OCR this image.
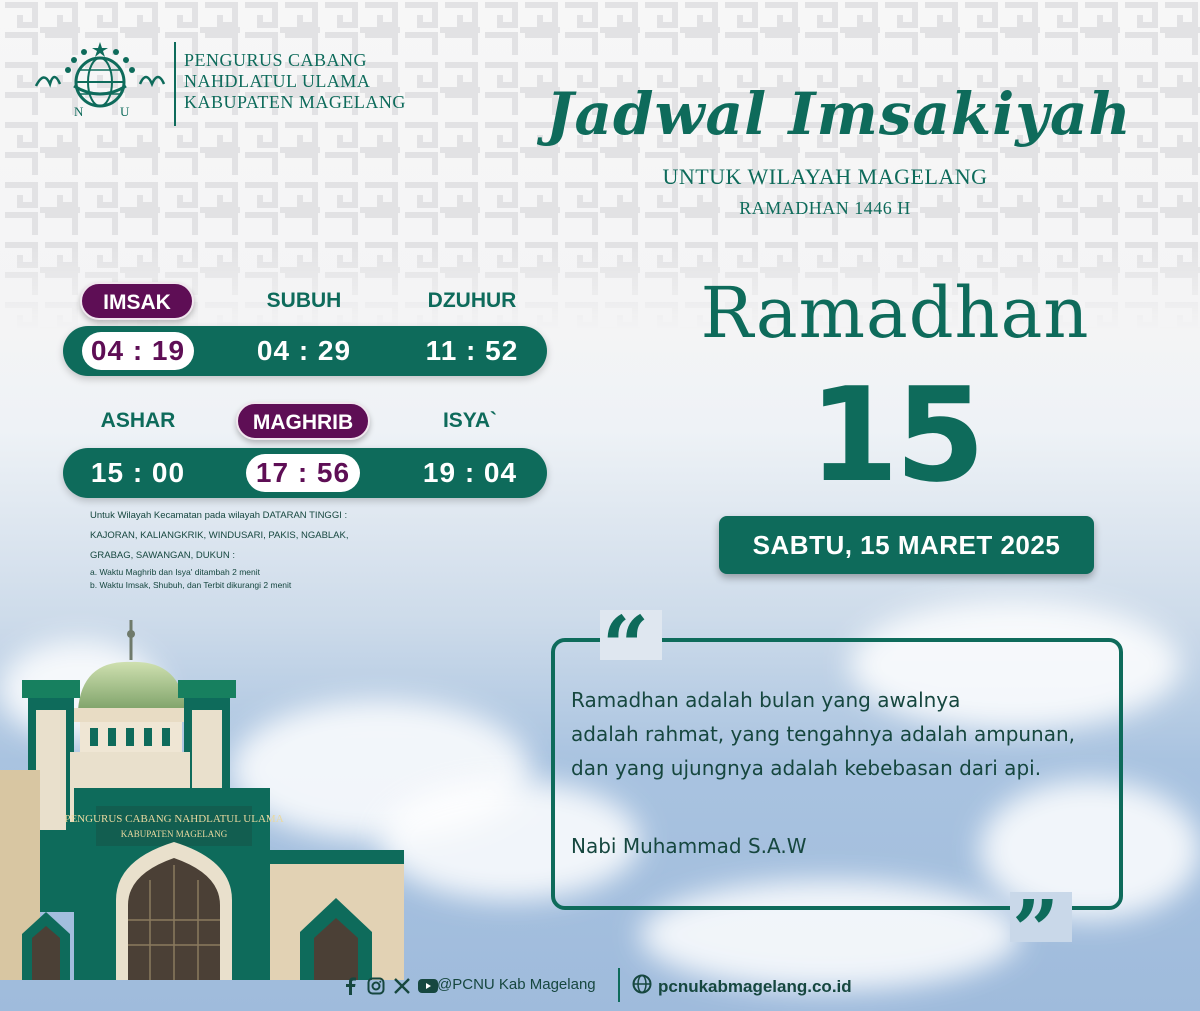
N	U
PENGURUS CABANG
NAHDLATUL ULAMA
KABUPATEN MAGELANG Jadwal Imsakiyah
UNTUK WILAYAH MAGELANG
RAMADHAN 1446 H
IMSAK	SUBUH	DZUHUR
04 : 19	04 : 29	11 : 52
ASHAR	MAGHRIB	ISYA`
15 : 00	17 : 56	19 : 04
Untuk Wilayah Kecamatan pada wilayah DATARAN TINGGI :
KAJORAN, KALIANGKRIK, WINDUSARI, PAKIS, NGABLAK,
GRABAG, SAWANGAN, DUKUN :
a. Waktu Maghrib dan Isya' ditambah 2 menit
b. Waktu Imsak, Shubuh, dan Terbit dikurangi 2 menit
Ramadhan
15
SABTU, 15 MARET 2025
“
”
Ramadhan adalah bulan yang awalnya
adalah rahmat, yang tengahnya adalah ampunan,
dan yang ujungnya adalah kebebasan dari api.
Nabi Muhammad S.A.W
PENGURUS CABANG NAHDLATUL ULAMA
KABUPATEN MAGELANG
@PCNU Kab Magelang	pcnukabmagelang.co.id
